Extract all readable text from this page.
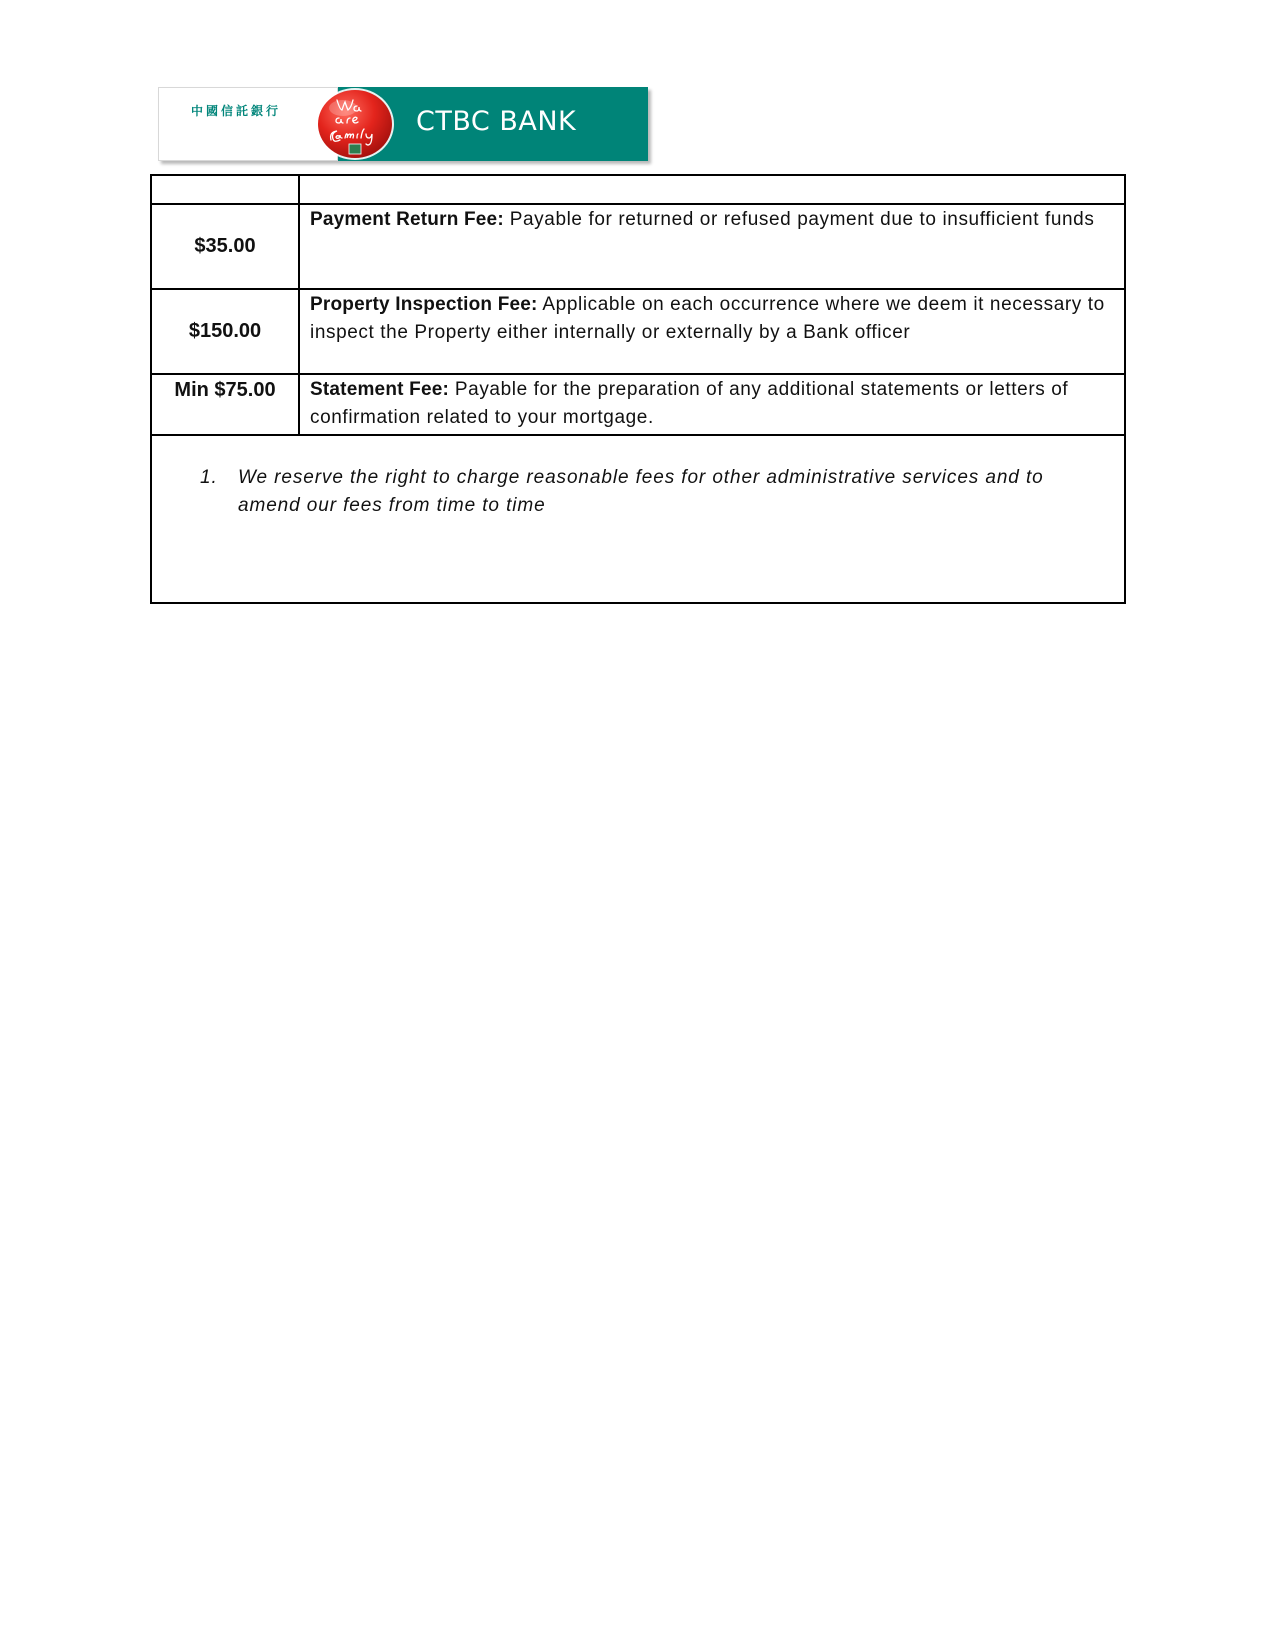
中國信託銀行	CTBC BANK

$35.00	Payment Return Fee: Payable for returned or refused payment due to insufficient funds
$150.00	Property Inspection Fee: Applicable on each occurrence where we deem it necessary to inspect the Property either internally or externally by a Bank officer
Min $75.00	Statement Fee: Payable for the preparation of any additional statements or letters of confirmation related to your mortgage.

1. We reserve the right to charge reasonable fees for other administrative services and to amend our fees from time to time	
